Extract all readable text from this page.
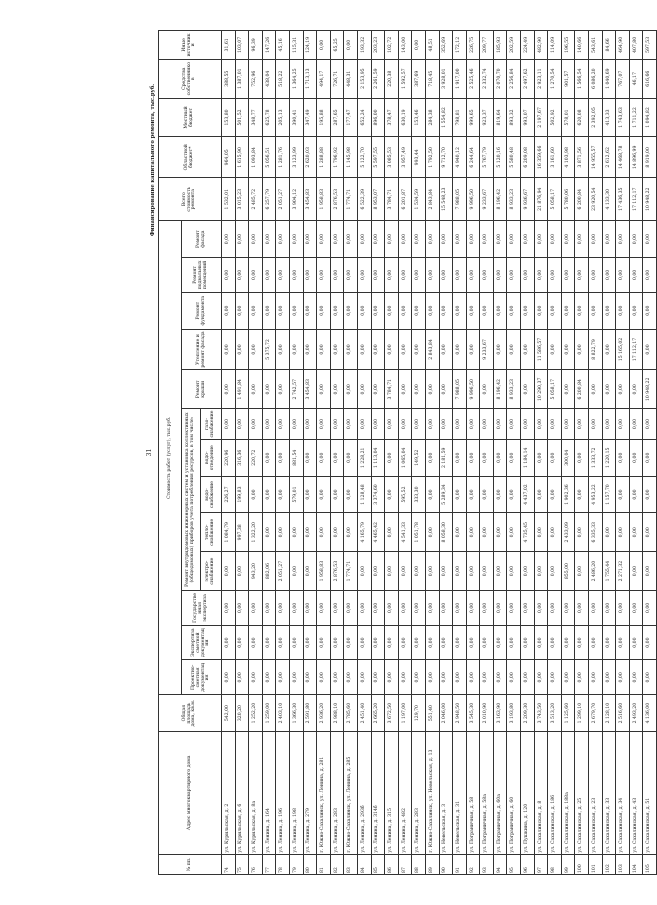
31
Финансирование капитального ремонта, тыс.руб.
№ пп.	Адрес многоквартирного дома	Общая площадь дома, кв.м.	Стоимость работ (услуг), тыс.руб.													Всего стоимость ремонта	Областной бюджет*	Местный бюджет	Средства собственников	Иные источники
			Проектно-сметная документация	Экспертиза сметной документации	Государственная экспертиза	Ремонт внутридомовых инженерных систем и установка коллективных (общедомовых) приборов учета потребления ресурсов, в том числе:					Ремонт крыши	Утепление и ремонт фасада	Ремонт фундамента	Ремонт подвальных помещений	Ремонт фасада					
						электро-снабжение	тепло-снабжение	водо-снабжение	водо-отведение	газо-снабжение										
74	ул. Курильская, д. 2	542,00	0,00	0,00	0,00	0,00	1 084,79	226,27	220,96	0,00	0,00	0,00	0,00	0,00	0,00	1 532,01	964,05	153,80	388,55	31,61
75	ул. Курильская, д. 6	320,20	0,00	0,00	0,00	0,00	997,38	199,83	316,36	0,00	1 491,84	0,00	0,00	0,00	0,00	3 015,23	1 615,90	501,52	1 387,01	103,07
76	ул. Курильская, д. 8а	1 252,20	0,00	0,00	0,00	943,20	1 322,20	0,00	220,72	0,00	0,00	0,00	0,00	0,00	0,00	2 485,72	1 093,84	348,77	752,96	96,39
77	ул. Ленина, д. 164	1 259,00	0,00	0,00	0,00	882,06	0,00	0,00	0,00	0,00	0,00	5 375,72	0,00	0,00	0,00	6 257,79	5 056,51	625,78	438,04	147,26
78	ул. Ленина, д. 196	2 403,10	0,00	0,00	0,00	2 051,27	0,00	0,00	0,00	0,00	0,00	0,00	0,00	0,00	0,00	2 051,27	1 281,76	205,13	518,22	45,16
79	ул. Ленина, д. 198	1 366,30	0,00	0,00	0,00	0,00	0,00	579,01	881,54	0,00	2 742,57	0,00	0,00	0,00	0,00	3 904,12	3 123,99	390,41	1 364,25	115,31
80	ул. Ленина, д. 279	2 591,80	0,00	0,00	0,00	0,00	0,00	0,00	0,00	0,00	3 454,83	0,00	0,00	0,00	0,00	3 454,83	2 620,03	347,49	1 713,13	124,19
81	г. Южно-Сахалинск, ул. Ленина, д. 281	2 936,20	0,00	0,00	0,00	1 958,83	0,00	0,00	0,00	0,00	0,00	0,00	0,00	0,00	0,00	1 958,83	1 288,88	195,88	494,17	0,00
82	ул. Ленина, д. 283	2 988,10	0,00	0,00	0,00	2 876,53	0,00	0,00	0,00	0,00	0,00	0,00	0,00	0,00	0,00	2 876,53	1 796,92	287,65	726,71	65,25
83	г. Южно-Сахалинск, ул. Ленина, д. 285	2 785,60	0,00	0,00	0,00	1 774,71	0,00	0,00	0,00	0,00	0,00	0,00	0,00	0,00	0,00	1 774,71	1 145,98	177,47	448,31	0,00
84	ул. Ленина, д. 293б	2 451,40	0,00	0,00	0,00	0,00	4 165,79	1 128,48	1 228,21	0,00	0,00	0,00	0,00	0,00	0,00	6 522,39	5 122,70	652,24	2 153,95	193,32
85	ул. Ленина, д. 314б	2 665,20	0,00	0,00	0,00	0,00	4 465,42	3 374,60	1 113,04	0,00	0,00	0,00	0,00	0,00	0,00	8 953,07	5 597,55	896,00	2 261,59	203,23
86	ул. Ленина, д. 315	3 672,50	0,00	0,00	0,00	0,00	0,00	0,00	0,00	0,00	3 784,71	0,00	0,00	0,00	0,00	3 784,71	3 085,53	378,47	220,38	102,72
87	ул. Ленина, д. 482	1 197,00	0,00	0,00	0,00	0,00	4 541,33	595,52	1 065,04	0,00	0,00	0,00	0,00	0,00	0,00	6 201,87	3 957,49	630,19	1 592,57	143,00
88	ул. Ленина, д. 283	129,70	0,00	0,00	0,00	0,00	1 051,78	333,30	149,52	0,00	0,00	0,00	0,00	0,00	0,00	1 534,59	993,44	153,46	387,69	0,00
89	г. Южно-Сахалинск, ул. Невельская, д. 13	551,40	0,00	0,00	0,00	0,00	0,00	0,00	0,00	0,00	0,00	2 843,84	0,00	0,00	0,00	2 843,84	1 792,50	284,38	718,45	48,51
90	ул. Невельская, д. 3	2 046,00	0,00	0,00	0,00	0,00	8 058,30	5 289,34	2 181,59	0,00	0,00	0,00	0,00	0,00	0,00	15 548,23	9 712,70	1 554,82	3 928,01	352,69
91	ул. Невельская, д. 31	2 948,50	0,00	0,00	0,00	0,00	0,00	0,00	0,00	0,00	7 988,05	0,00	0,00	0,00	0,00	7 988,05	4 940,12	798,81	1 917,00	172,12
92	ул. Пограничная, д. 58	3 545,30	0,00	0,00	0,00	0,00	0,00	0,00	0,00	0,00	9 996,50	0,00	0,00	0,00	0,00	9 996,50	6 244,64	999,65	2 525,46	226,75
93	ул. Пограничная, д. 58а	2 010,90	0,00	0,00	0,00	0,00	0,00	0,00	0,00	0,00	0,00	9 233,67	0,00	0,00	0,00	9 233,67	5 767,79	923,37	2 332,74	209,77
94	ул. Пограничная, д. 60а	3 163,90	0,00	0,00	0,00	0,00	0,00	0,00	0,00	0,00	8 196,42	0,00	0,00	0,00	0,00	8 196,42	5 120,16	819,64	2 070,70	185,93
95	ул. Пограничная, д. 60	3 193,80	0,00	0,00	0,00	0,00	0,00	0,00	0,00	0,00	8 933,23	0,00	0,00	0,00	0,00	8 933,23	5 580,48	893,32	2 256,84	202,59
96	ул. Пушкина, д. 120	2 209,30	0,00	0,00	0,00	0,00	4 735,45	4 437,02	1 184,14	0,00	0,00	0,00	0,00	0,00	0,00	9 936,67	6 209,08	993,07	2 497,62	224,49
97	ул. Сахалинская, д. 8	3 743,50	0,00	0,00	0,00	0,00	0,00	0,00	0,00	0,00	10 290,37	11 586,57	0,00	0,00	0,00	21 876,94	16 359,66	2 197,67	2 923,11	482,90
98	ул. Сахалинская, д. 186	3 513,20	0,00	0,00	0,00	0,00	0,00	0,00	0,00	0,00	5 058,17	0,00	0,00	0,00	0,00	5 058,17	3 161,60	502,92	1 270,54	114,09
99	ул. Сахалинская, д. 188а	1 125,60	0,00	0,00	0,00	855,00	2 433,09	1 902,36	300,04	0,00	0,00	0,00	0,00	0,00	0,00	5 780,06	4 103,98	578,01	901,57	196,55
100	ул. Сахалинская, д. 25	1 299,10	0,00	0,00	0,00	0,00	0,00	0,00	0,00	0,00	6 200,84	0,00	0,00	0,00	0,00	6 200,84	3 871,56	620,08	1 566,54	140,66
101	ул. Сахалинская, д. 23	2 679,70	0,00	0,00	0,00	2 486,20	6 335,33	4 953,22	1 333,72	0,00	0,00	8 822,79	0,00	0,00	0,00	23 920,54	14 955,57	2 392,05	6 086,20	543,61
102	ул. Сахалинская, д. 33	2 128,10	0,00	0,00	0,00	1 755,44	0,00	1 157,70	1 220,15	0,00	0,00	0,00	0,00	0,00	0,00	4 133,30	2 612,62	413,33	1 040,69	84,66
103	ул. Сахалинская, д. 34	2 516,60	0,00	0,00	0,00	2 271,32	0,00	0,00	0,00	0,00	0,00	15 165,02	0,00	0,00	0,00	17 436,35	14 468,78	1 743,63	767,07	464,90
104	ул. Сахалинская, д. 43	2 493,20	0,00	0,00	0,00	0,00	0,00	0,00	0,00	0,00	0,00	17 112,17	0,00	0,00	0,00	17 112,17	14 896,99	1 711,22	46,17	407,80
105	ул. Сахалинская, д. 51	4 136,00	0,00	0,00	0,00	0,00	0,00	0,00	0,00	0,00	10 948,22	0,00	0,00	0,00	0,00	10 948,22	8 919,00	1 094,82	616,66	597,53
